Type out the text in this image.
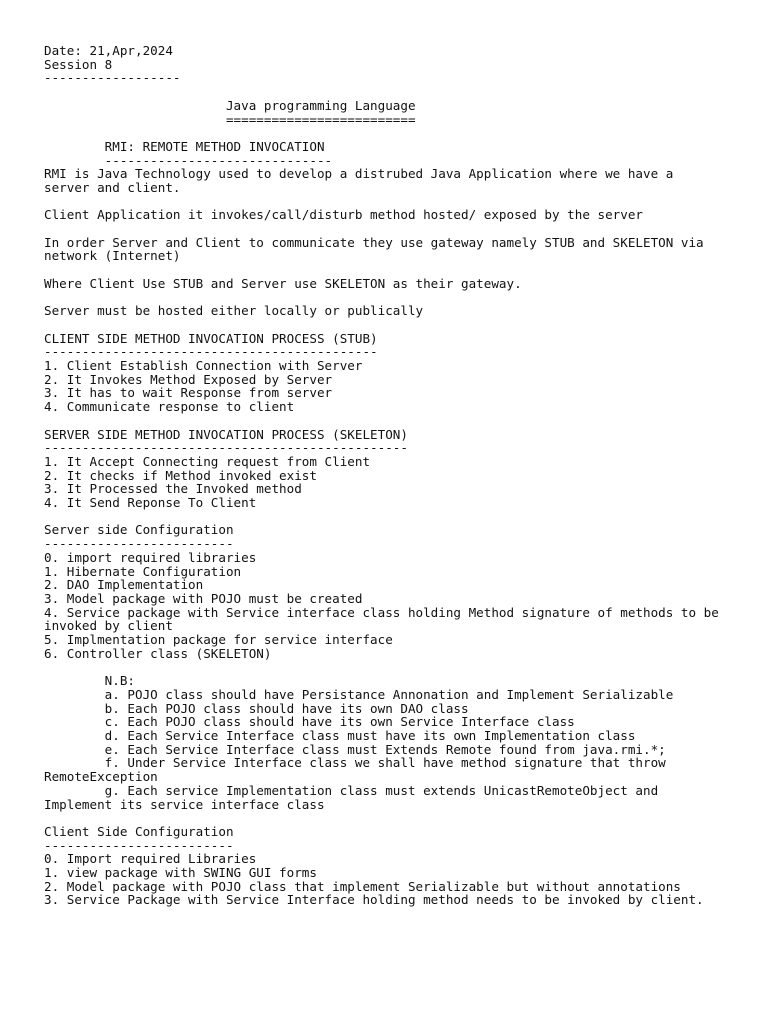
Date: 21,Apr,2024
Session 8
------------------
Java programming Language
=========================
RMI: REMOTE METHOD INVOCATION
------------------------------
RMI is Java Technology used to develop a distrubed Java Application where we have a
server and client.
Client Application it invokes/call/disturb method hosted/ exposed by the server
In order Server and Client to communicate they use gateway namely STUB and SKELETON via
network (Internet)
Where Client Use STUB and Server use SKELETON as their gateway.
Server must be hosted either locally or publically
CLIENT SIDE METHOD INVOCATION PROCESS (STUB)
--------------------------------------------
1. Client Establish Connection with Server
2. It Invokes Method Exposed by Server
3. It has to wait Response from server
4. Communicate response to client
SERVER SIDE METHOD INVOCATION PROCESS (SKELETON)
------------------------------------------------
1. It Accept Connecting request from Client
2. It checks if Method invoked exist
3. It Processed the Invoked method
4. It Send Reponse To Client
Server side Configuration
-------------------------
0. import required libraries
1. Hibernate Configuration
2. DAO Implementation
3. Model package with POJO must be created
4. Service package with Service interface class holding Method signature of methods to be
invoked by client
5. Implmentation package for service interface
6. Controller class (SKELETON)
N.B:
a. POJO class should have Persistance Annonation and Implement Serializable
b. Each POJO class should have its own DAO class
c. Each POJO class should have its own Service Interface class
d. Each Service Interface class must have its own Implementation class
e. Each Service Interface class must Extends Remote found from java.rmi.*;
f. Under Service Interface class we shall have method signature that throw
RemoteException
g. Each service Implementation class must extends UnicastRemoteObject and
Implement its service interface class
Client Side Configuration
-------------------------
0. Import required Libraries
1. view package with SWING GUI forms
2. Model package with POJO class that implement Serializable but without annotations
3. Service Package with Service Interface holding method needs to be invoked by client.
